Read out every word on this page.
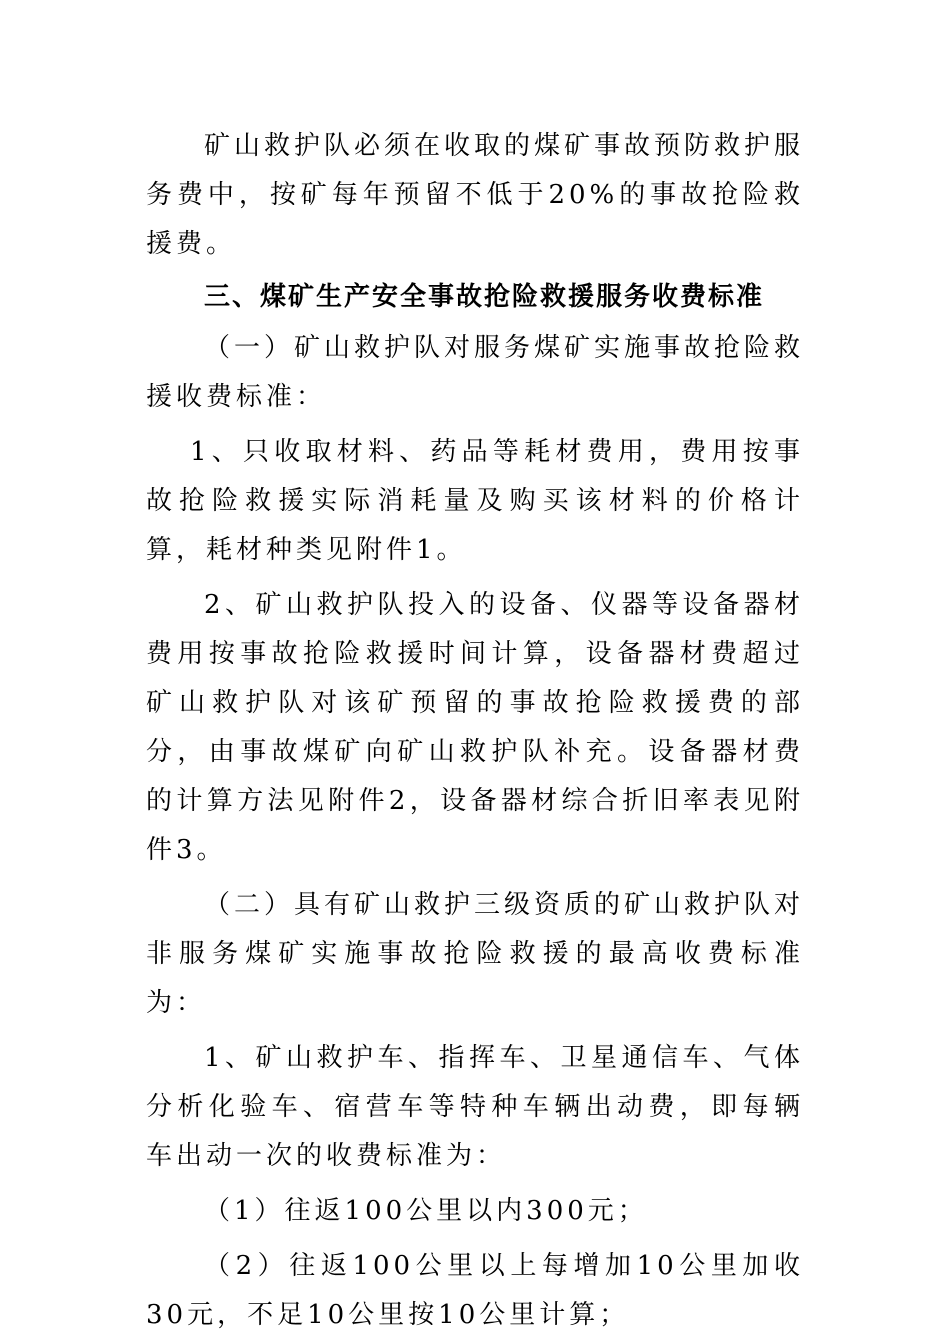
矿山救护队必须在收取的煤矿事故预防救护服务费中，按矿每年预留不低于20%的事故抢险救援费。

三、煤矿生产安全事故抢险救援服务收费标准

（一）矿山救护队对服务煤矿实施事故抢险救援收费标准：

1、只收取材料、药品等耗材费用，费用按事故抢险救援实际消耗量及购买该材料的价格计算，耗材种类见附件1。

2、矿山救护队投入的设备、仪器等设备器材费用按事故抢险救援时间计算，设备器材费超过矿山救护队对该矿预留的事故抢险救援费的部分，由事故煤矿向矿山救护队补充。设备器材费的计算方法见附件2，设备器材综合折旧率表见附件3。

（二）具有矿山救护三级资质的矿山救护队对非服务煤矿实施事故抢险救援的最高收费标准为：

1、矿山救护车、指挥车、卫星通信车、气体分析化验车、宿营车等特种车辆出动费，即每辆车出动一次的收费标准为：

（1）往返100公里以内300元；

（2）往返100公里以上每增加10公里加收30元，不足10公里按10公里计算；
